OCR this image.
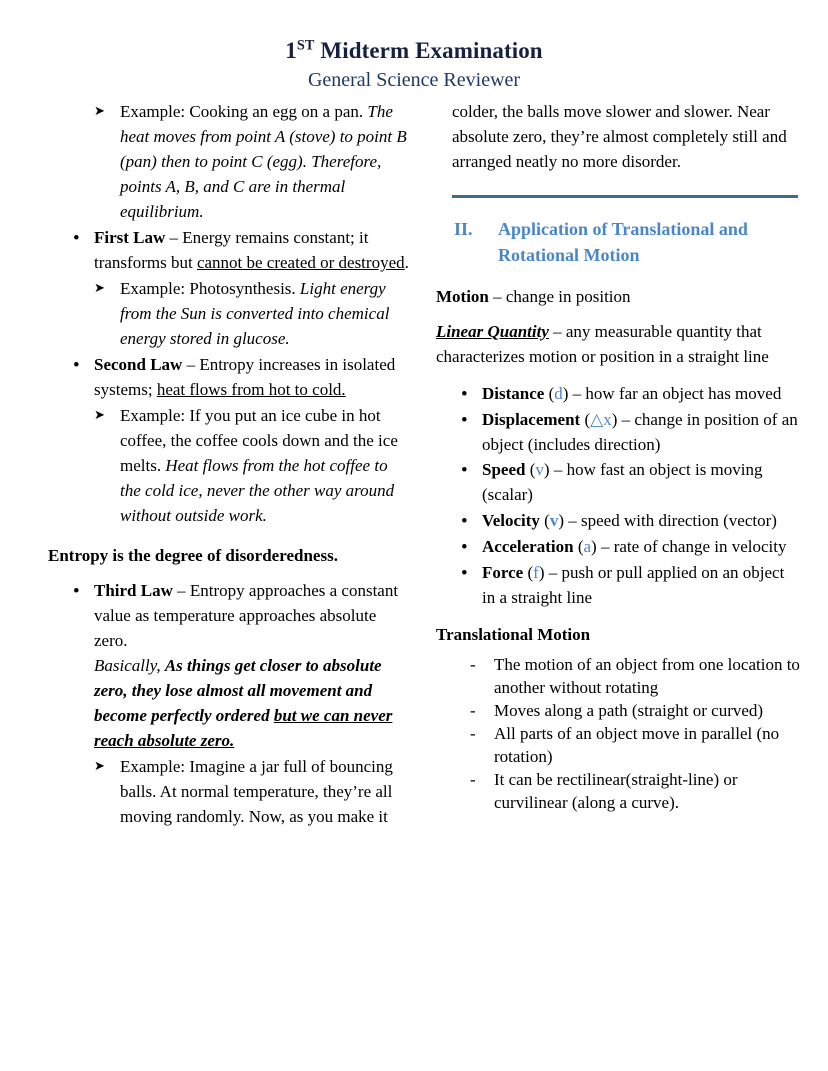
1ST Midterm Examination
General Science Reviewer
➤ Example: Cooking an egg on a pan. The heat moves from point A (stove) to point B (pan) then to point C (egg). Therefore, points A, B, and C are in thermal equilibrium.
• First Law – Energy remains constant; it transforms but cannot be created or destroyed.
➤ Example: Photosynthesis. Light energy from the Sun is converted into chemical energy stored in glucose.
• Second Law – Entropy increases in isolated systems; heat flows from hot to cold.
➤ Example: If you put an ice cube in hot coffee, the coffee cools down and the ice melts. Heat flows from the hot coffee to the cold ice, never the other way around without outside work.
Entropy is the degree of disorderedness.
• Third Law – Entropy approaches a constant value as temperature approaches absolute zero.
Basically, As things get closer to absolute zero, they lose almost all movement and become perfectly ordered but we can never reach absolute zero.
➤ Example: Imagine a jar full of bouncing balls. At normal temperature, they’re all moving randomly. Now, as you make it
colder, the balls move slower and slower. Near absolute zero, they’re almost completely still and arranged neatly no more disorder.
II.	Application of Translational and Rotational Motion
Motion – change in position
Linear Quantity – any measurable quantity that characterizes motion or position in a straight line
• Distance (d) – how far an object has moved
• Displacement (△x) – change in position of an object (includes direction)
• Speed (v) – how fast an object is moving (scalar)
• Velocity (v) – speed with direction (vector)
• Acceleration (a) – rate of change in velocity
• Force (f) – push or pull applied on an object in a straight line
Translational Motion
- The motion of an object from one location to another without rotating
- Moves along a path (straight or curved)
- All parts of an object move in parallel (no rotation)
- It can be rectilinear(straight-line) or curvilinear (along a curve).
